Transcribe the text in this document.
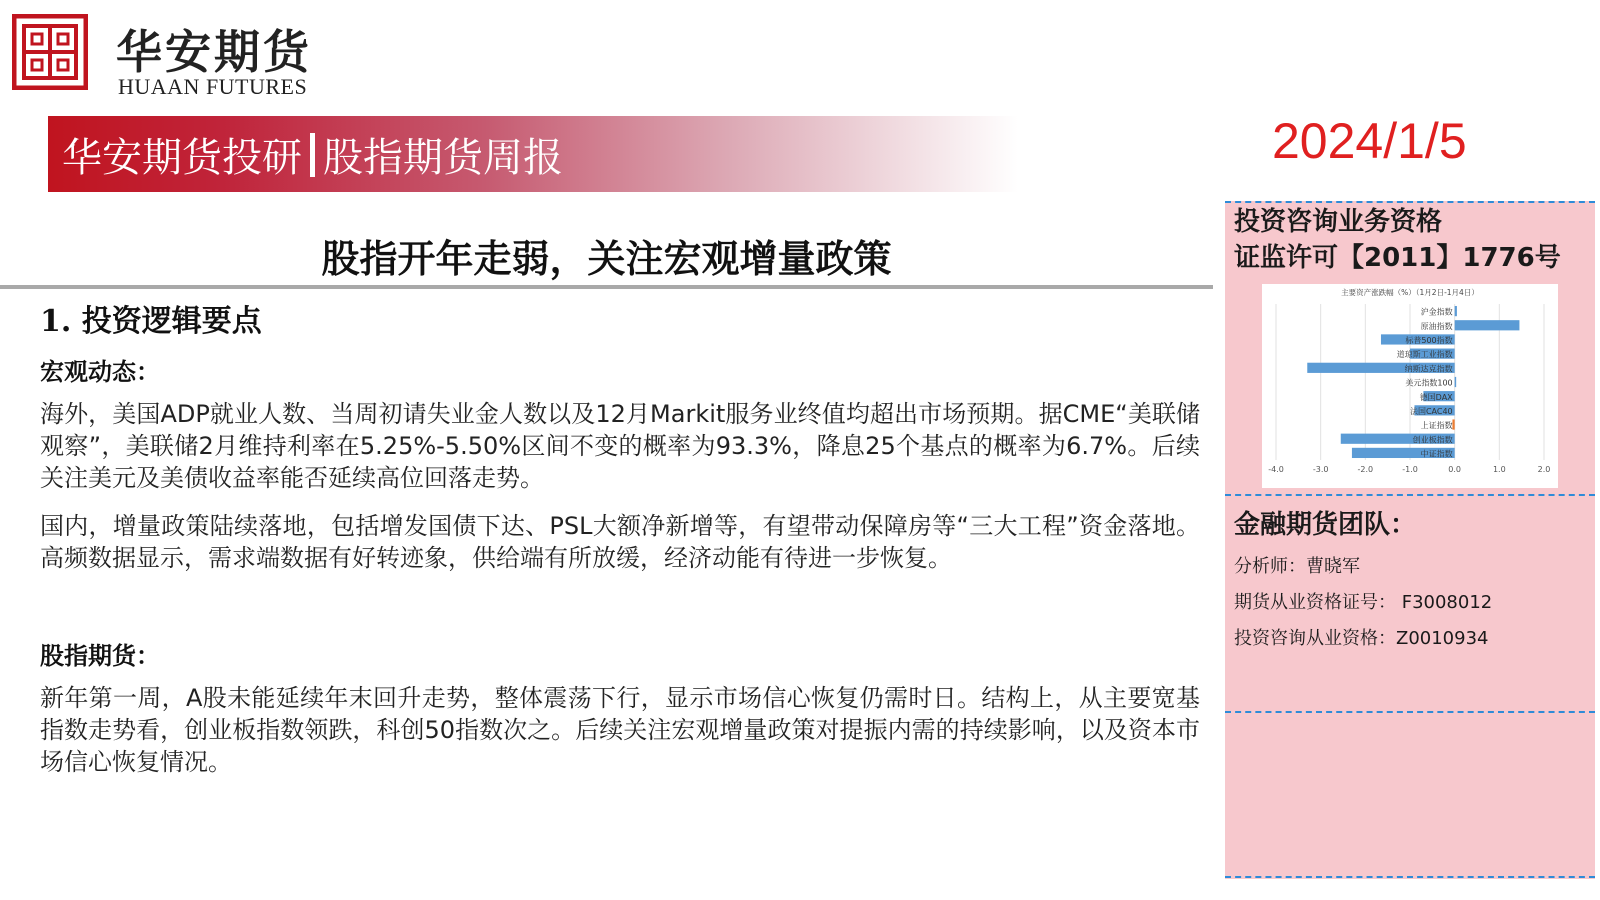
华安期货
HUAAN FUTURES
华安期货投研 股指期货周报	2024/1/5
股指开年走弱，关注宏观增量政策
1. 投资逻辑要点
宏观动态：
海外，美国ADP就业人数、当周初请失业金人数以及12月Markit服务业终值均超出市场预期。据CME“美联储观察”，美联储2月维持利率在5.25%-5.50%区间不变的概率为93.3%，降息25个基点的概率为6.7%。后续关注美元及美债收益率能否延续高位回落走势。
国内，增量政策陆续落地，包括增发国债下达、PSL大额净新增等，有望带动保障房等“三大工程”资金落地。高频数据显示，需求端数据有好转迹象，供给端有所放缓，经济动能有待进一步恢复。
股指期货：
新年第一周，A股未能延续年末回升走势，整体震荡下行，显示市场信心恢复仍需时日。结构上，从主要宽基指数走势看，创业板指数领跌，科创50指数次之。后续关注宏观增量政策对提振内需的持续影响，以及资本市场信心恢复情况。
投资咨询业务资格
证监许可【2011】1776号
主要资产涨跌幅（%）（1月2日-1月4日）
-4.0	-3.0	-2.0	-1.0	0.0	1.0	2.0
沪金指数
原油指数
标普500指数
道琼斯工业指数
纳斯达克指数
美元指数100
德国DAX
法国CAC40
上证指数
创业板指数
中证指数
金融期货团队：
分析师：曹晓军
期货从业资格证号： F3008012
投资咨询从业资格：Z0010934
